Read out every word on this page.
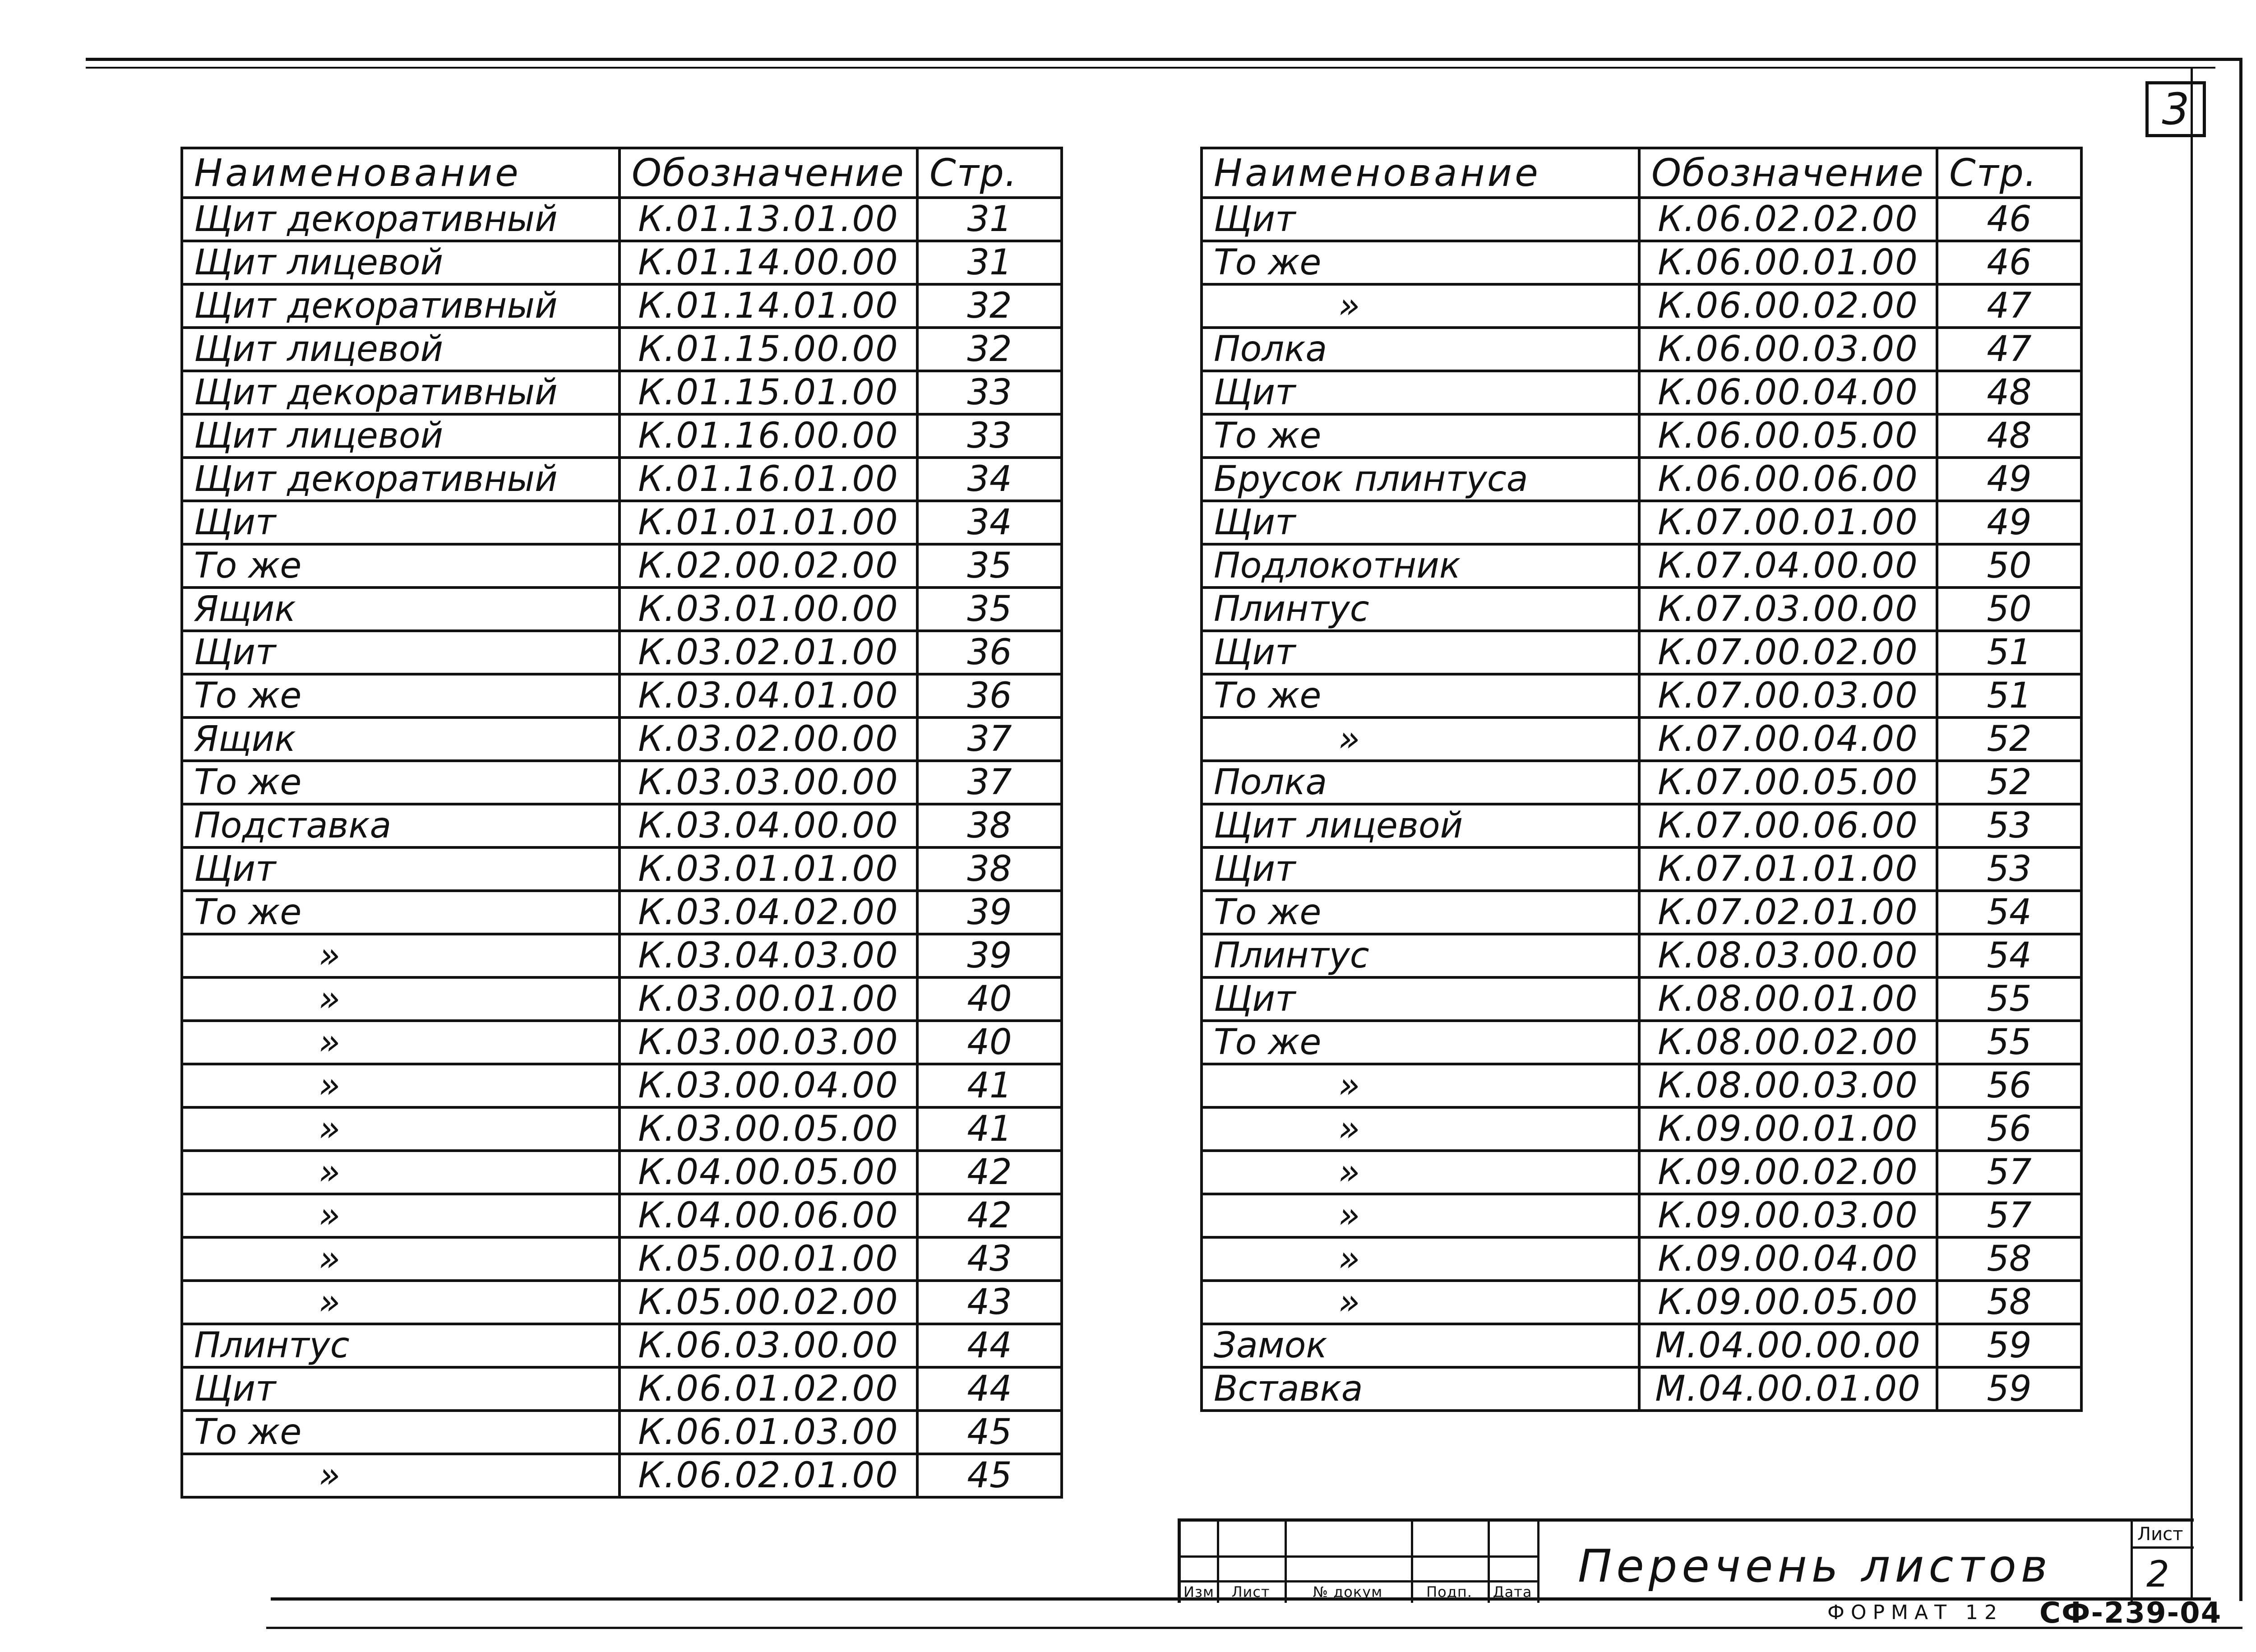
3
Наименование	Обозначение	Стр.
Щит декоративный	К.01.13.01.00	31
Щит лицевой	К.01.14.00.00	31
Щит декоративный	К.01.14.01.00	32
Щит лицевой	К.01.15.00.00	32
Щит декоративный	К.01.15.01.00	33
Щит лицевой	К.01.16.00.00	33
Щит декоративный	К.01.16.01.00	34
Щит	К.01.01.01.00	34
То же	К.02.00.02.00	35
Ящик	К.03.01.00.00	35
Щит	К.03.02.01.00	36
То же	К.03.04.01.00	36
Ящик	К.03.02.00.00	37
То же	К.03.03.00.00	37
Подставка	К.03.04.00.00	38
Щит	К.03.01.01.00	38
То же	К.03.04.02.00	39
»	К.03.04.03.00	39
»	К.03.00.01.00	40
»	К.03.00.03.00	40
»	К.03.00.04.00	41
»	К.03.00.05.00	41
»	К.04.00.05.00	42
»	К.04.00.06.00	42
»	К.05.00.01.00	43
»	К.05.00.02.00	43
Плинтус	К.06.03.00.00	44
Щит	К.06.01.02.00	44
То же	К.06.01.03.00	45
»	К.06.02.01.00	45
Наименование	Обозначение	Стр.
Щит	К.06.02.02.00	46
То же	К.06.00.01.00	46
»	К.06.00.02.00	47
Полка	К.06.00.03.00	47
Щит	К.06.00.04.00	48
То же	К.06.00.05.00	48
Брусок плинтуса	К.06.00.06.00	49
Щит	К.07.00.01.00	49
Подлокотник	К.07.04.00.00	50
Плинтус	К.07.03.00.00	50
Щит	К.07.00.02.00	51
То же	К.07.00.03.00	51
»	К.07.00.04.00	52
Полка	К.07.00.05.00	52
Щит лицевой	К.07.00.06.00	53
Щит	К.07.01.01.00	53
То же	К.07.02.01.00	54
Плинтус	К.08.03.00.00	54
Щит	К.08.00.01.00	55
То же	К.08.00.02.00	55
»	К.08.00.03.00	56
»	К.09.00.01.00	56
»	К.09.00.02.00	57
»	К.09.00.03.00	57
»	К.09.00.04.00	58
»	К.09.00.05.00	58
Замок	М.04.00.00.00	59
Вставка	М.04.00.01.00	59
Изм	Лист	№ докум	Подп.	Дата Перечень листов
Лист
2
ФОРМАТ 12 СФ-239-04
